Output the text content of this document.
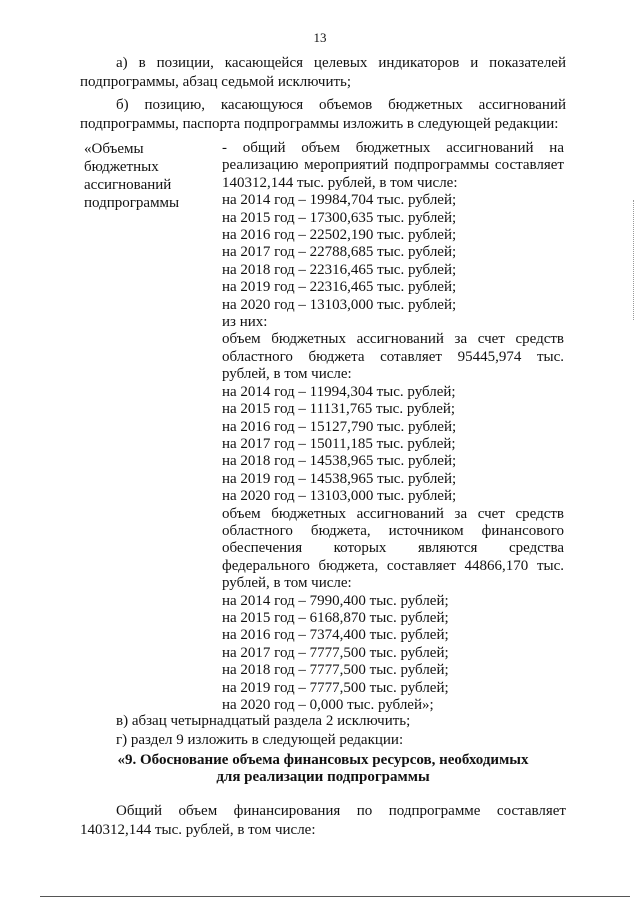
13
а) в позиции, касающейся целевых индикаторов и показателей подпрограммы, абзац седьмой исключить;
б) позицию, касающуюся объемов бюджетных ассигнований подпрограммы, паспорта подпрограммы изложить в следующей редакции:
«Объемы
бюджетных
ассигнований
подпрограммы
- общий объем бюджетных ассигнований на реализацию мероприятий подпрограммы составляет 140312,144 тыс. рублей, в том числе:
на 2014 год – 19984,704 тыс. рублей;
на 2015 год – 17300,635 тыс. рублей;
на 2016 год – 22502,190 тыс. рублей;
на 2017 год – 22788,685 тыс. рублей;
на 2018 год – 22316,465 тыс. рублей;
на 2019 год – 22316,465 тыс. рублей;
на 2020 год – 13103,000 тыс. рублей;
из них:
объем бюджетных ассигнований за счет средств областного бюджета сотавляет 95445,974 тыс. рублей, в том числе:
на 2014 год – 11994,304 тыс. рублей;
на 2015 год – 11131,765 тыс. рублей;
на 2016 год – 15127,790 тыс. рублей;
на 2017 год – 15011,185 тыс. рублей;
на 2018 год – 14538,965 тыс. рублей;
на 2019 год – 14538,965 тыс. рублей;
на 2020 год – 13103,000 тыс. рублей;
объем бюджетных ассигнований за счет средств областного бюджета, источником финансового обеспечения которых являются средства федерального бюджета, составляет 44866,170 тыс. рублей, в том числе:
на 2014 год – 7990,400 тыс. рублей;
на 2015 год – 6168,870 тыс. рублей;
на 2016 год – 7374,400 тыс. рублей;
на 2017 год – 7777,500 тыс. рублей;
на 2018 год – 7777,500 тыс. рублей;
на 2019 год – 7777,500 тыс. рублей;
на 2020 год – 0,000 тыс. рублей»;
в) абзац четырнадцатый раздела 2 исключить;
г) раздел 9 изложить в следующей редакции:
«9. Обоснование объема финансовых ресурсов, необходимых
для реализации подпрограммы
Общий объем финансирования по подпрограмме составляет 140312,144 тыс. рублей, в том числе:
